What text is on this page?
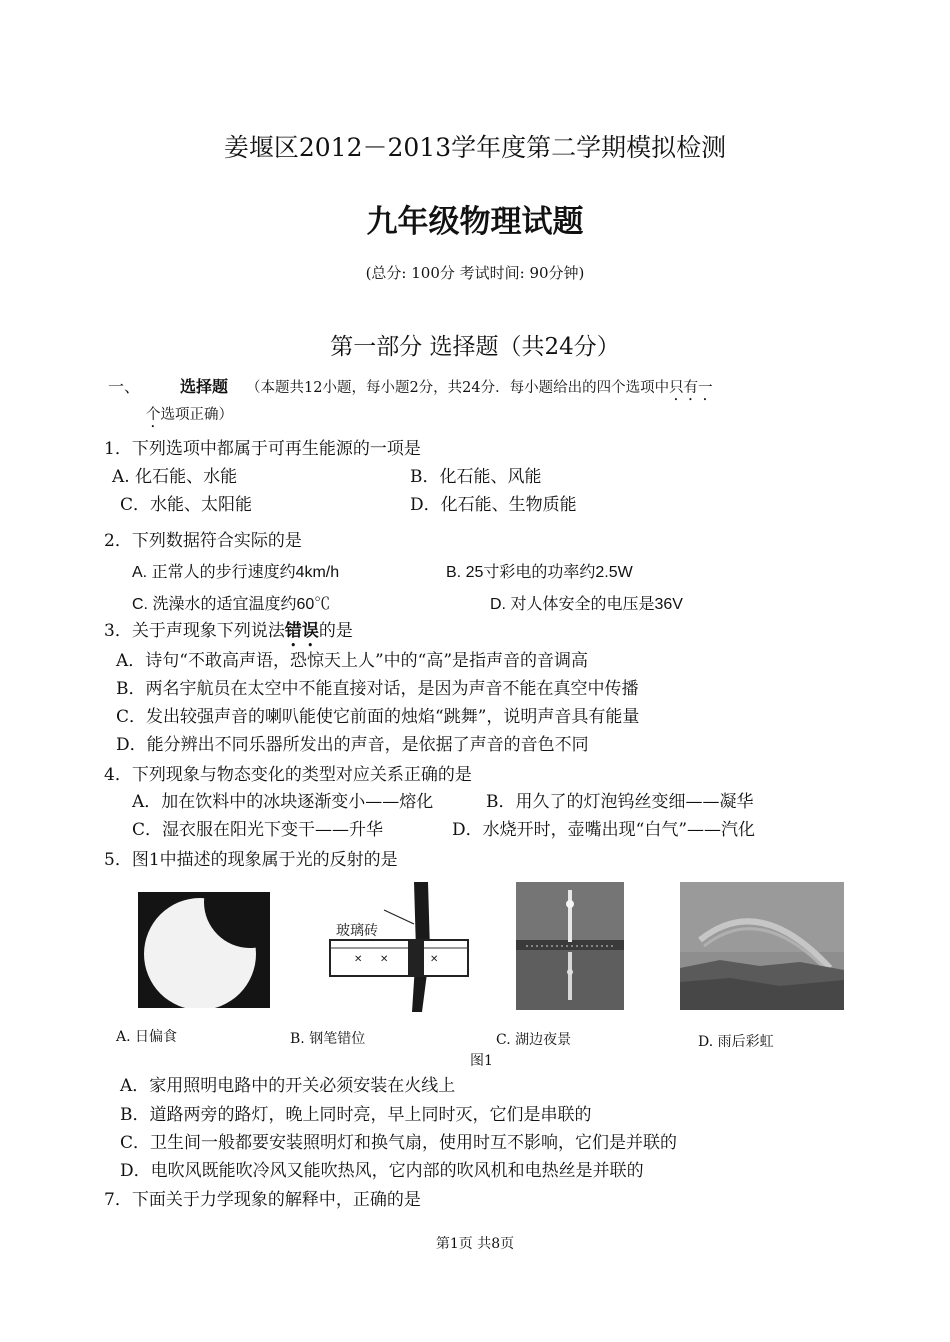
姜堰区2012－2013学年度第二学期模拟检测
九年级物理试题
(总分: 100分 考试时间: 90分钟)
第一部分 选择题（共24分）
一、 选择题 （本题共12小题，每小题2分，共24分．每小题给出的四个选项中只有一
个选项正确）
1．下列选项中都属于可再生能源的一项是
A. 化石能、水能	B．化石能、风能
C．水能、太阳能	D．化石能、生物质能
2．下列数据符合实际的是
A. 正常人的步行速度约4km/h	B. 25寸彩电的功率约2.5W
C. 洗澡水的适宜温度约60℃	D. 对人体安全的电压是36V
3．关于声现象下列说法错误的是
A．诗句“不敢高声语，恐惊天上人”中的“高”是指声音的音调高
B．两名宇航员在太空中不能直接对话，是因为声音不能在真空中传播
C．发出较强声音的喇叭能使它前面的烛焰“跳舞”，说明声音具有能量
D．能分辨出不同乐器所发出的声音，是依据了声音的音色不同
4．下列现象与物态变化的类型对应关系正确的是
A．加在饮料中的冰块逐渐变小——熔化	B．用久了的灯泡钨丝变细——凝华
C．湿衣服在阳光下变干——升华	D．水烧开时，壶嘴出现“白气”——汽化
5．图1中描述的现象属于光的反射的是
✕ ✕	✕
玻璃砖
A. 日偏食	B. 钢笔错位	C. 湖边夜景	D. 雨后彩虹
图1
A．家用照明电路中的开关必须安装在火线上
B．道路两旁的路灯，晚上同时亮，早上同时灭，它们是串联的
C．卫生间一般都要安装照明灯和换气扇，使用时互不影响，它们是并联的
D．电吹风既能吹冷风又能吹热风，它内部的吹风机和电热丝是并联的
7．下面关于力学现象的解释中，正确的是
第1页 共8页
